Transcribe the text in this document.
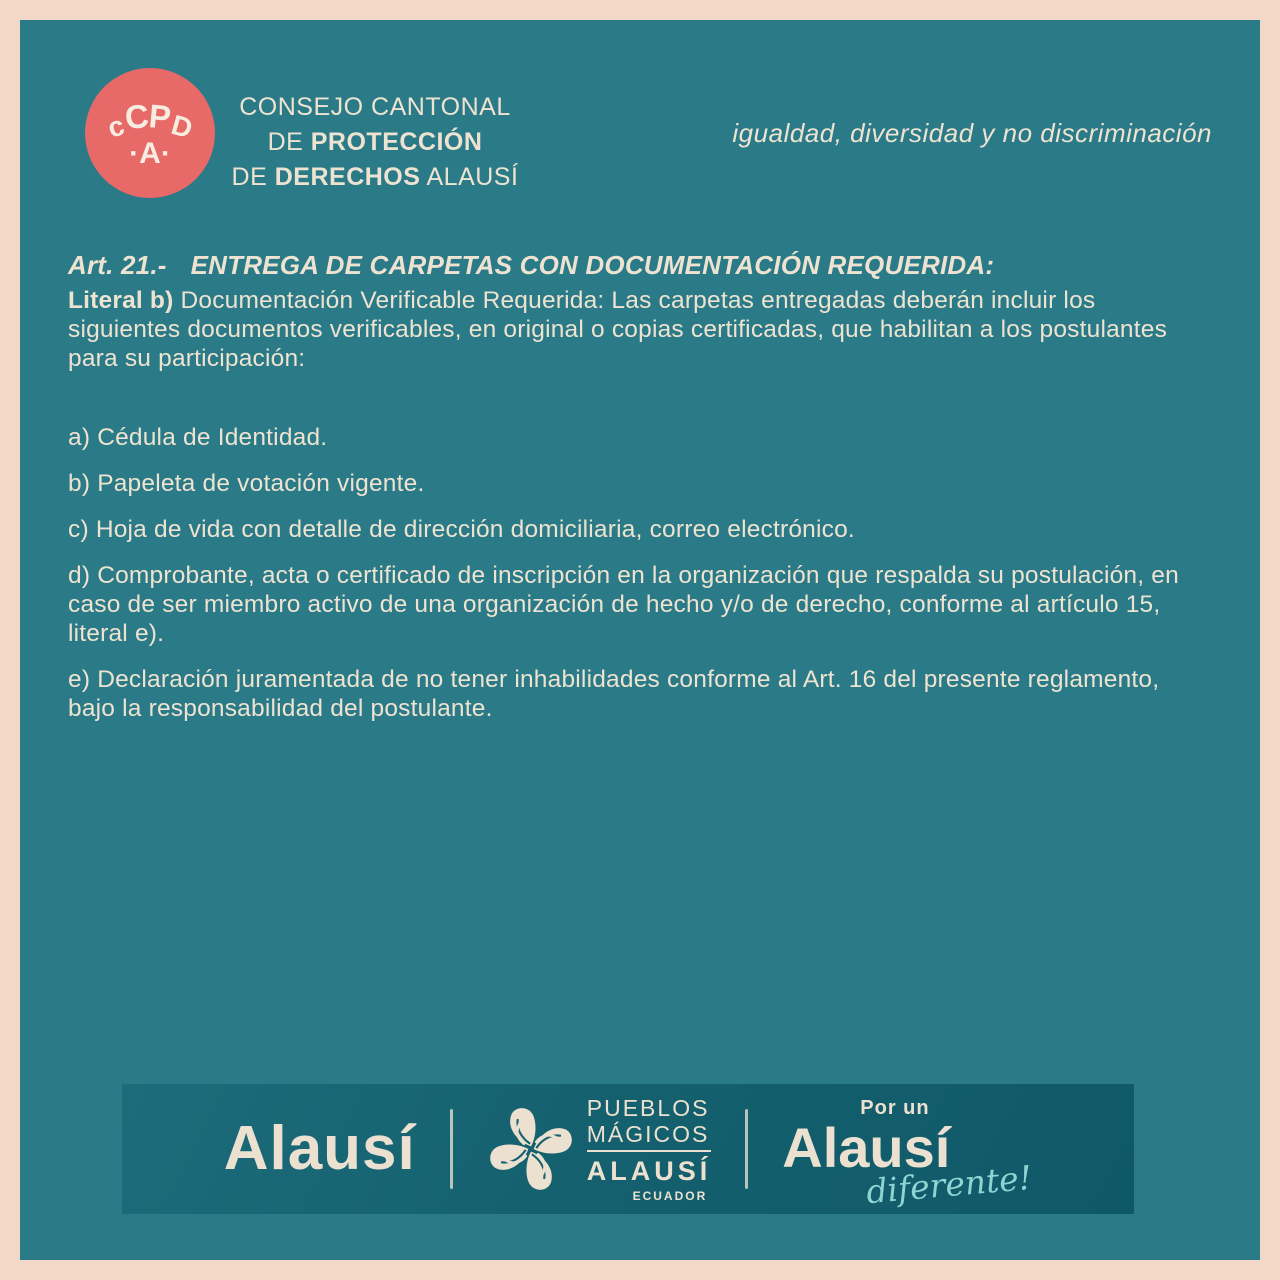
c
C
P
D
·A·
CONSEJO CANTONAL
DE PROTECCIÓN
DE DERECHOS ALAUSÍ
igualdad, diversidad y no discriminación

Art. 21.- ENTREGA DE CARPETAS CON DOCUMENTACIÓN REQUERIDA:

Literal b) Documentación Verificable Requerida: Las carpetas entregadas deberán incluir los siguientes documentos verificables, en original o copias certificadas, que habilitan a los postulantes para su participación:

a) Cédula de Identidad.

b) Papeleta de votación vigente.

c) Hoja de vida con detalle de dirección domiciliaria, correo electrónico.

d) Comprobante, acta o certificado de inscripción en la organización que respalda su postulación, en caso de ser miembro activo de una organización de hecho y/o de derecho, conforme al artículo 15, literal e).

e) Declaración juramentada de no tener inhabilidades conforme al Art. 16 del presente reglamento, bajo la responsabilidad del postulante.

Alausí
PUEBLOS
MÁGICOS
ALAUSÍ
ECUADOR
Por un
Alausí
diferente!
